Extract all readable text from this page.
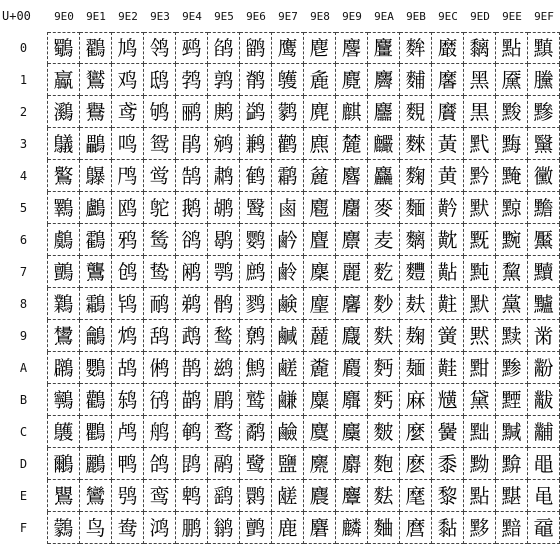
U+00	9E0	9E1	9E2	9E3	9E4	9E5	9E6	9E7	9E8	9E9	9EA	9EB	9EC	9ED	9EE	9EF
0	鸀 鸐 鸠 鸰 鹀 鹐 鹠 鹰 麀 麐 麠 麰 黀 黐 點 黰
1	鸁 鸑 鸡 鸱 鹁 鹑 鹡 鹱 麁 麑 麡 麱 黁 黑 黡 黱
2	鸂 鸒 鸢 鸲 鹂 鹒 鹢 鹲 麂 麒 麢 麲 黂 黒 黢 黲
3	鸃 鸓 鸣 鸳 鹃 鹓 鹣 鹳 麃 麓 麣 麳 黃 黓 黣 黳
4	鸄 鸔 鸤 鸴 鹄 鹔 鹤 鹴 麄 麔 麤 麴 黄 黔 黤 黴
5	鸅 鸕 鸥 鸵 鹅 鹕 鹥 鹵 麅 麕 麥 麵 黅 默 黥 黵
6	鸆 鸖 鸦 鸶 鹆 鹖 鹦 鹶 麆 麖 麦 麶 黆 黖 黦 黶
7	鸇 鸗 鸧 鸷 鹇 鹗 鹧 鹷 麇 麗 麧 麷 黇 黗 黧 黷
8	鸈 鸘 鸨 鸸 鹈 鹘 鹨 鹸 麈 麘 麨 麸 黈 默 黨 黸
9	鸉 鸙 鸩 鸹 鹉 鹙 鹩 鹹 麉 麙 麩 麹 黉 黙 黩 黹
A	鸊 鸚 鸪 鸺 鹊 鹚 鹪 鹺 麊 麚 麪 麺 黊 黚 黪 黺
B	鸋 鸛 鸫 鸻 鹋 鹛 鹫 鹻 麋 麛 麫 麻 黋 黛 黫 黻
C	鸌 鸜 鸬 鸼 鹌 鹜 鹬 鹼 麌 麜 麬 麼 黌 黜 黬 黼
D	鸍 鸝 鸭 鸽 鹍 鹝 鹭 鹽 麍 麝 麭 麽 黍 黝 黭 黽
E	鸎 鸞 鸮 鸾 鹎 鹞 鹮 鹾 麎 麞 麮 麾 黎 點 黮 黾
F	鸏 鸟 鸯 鸿 鹏 鹟 鹯 鹿 麏 麟 麯 麿 黏 黟 黯 黿
